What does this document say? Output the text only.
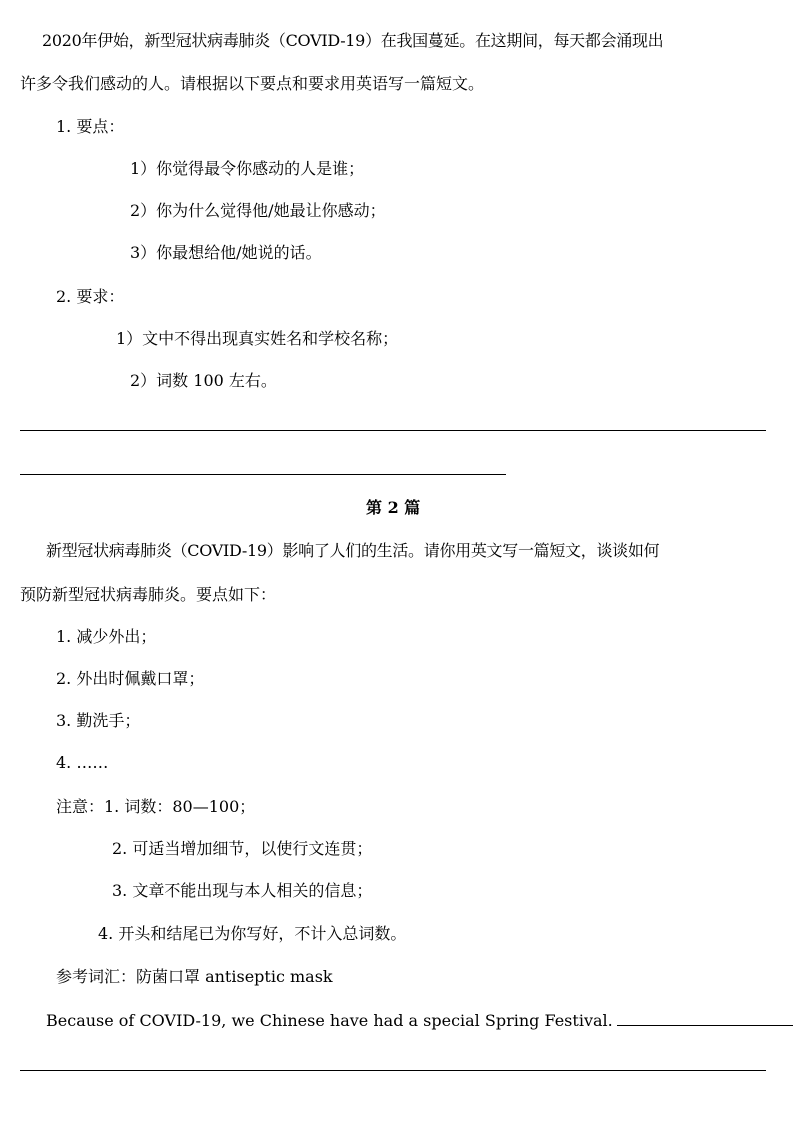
2020年伊始，新型冠状病毒肺炎（COVID-19）在我国蔓延。在这期间，每天都会涌现出
许多令我们感动的人。请根据以下要点和要求用英语写一篇短文。
1. 要点：
1）你觉得最令你感动的人是谁；
2）你为什么觉得他/她最让你感动；
3）你最想给他/她说的话。
2. 要求：
1）文中不得出现真实姓名和学校名称；
2）词数 100 左右。
第 2 篇
新型冠状病毒肺炎（COVID-19）影响了人们的生活。请你用英文写一篇短文，谈谈如何
预防新型冠状病毒肺炎。要点如下：
1. 减少外出；
2. 外出时佩戴口罩；
3. 勤洗手；
4. ……
注意：1. 词数：80—100；
2. 可适当增加细节，以使行文连贯；
3. 文章不能出现与本人相关的信息；
4. 开头和结尾已为你写好，不计入总词数。
参考词汇：防菌口罩 antiseptic mask
Because of COVID-19, we Chinese have had a special Spring Festival.
